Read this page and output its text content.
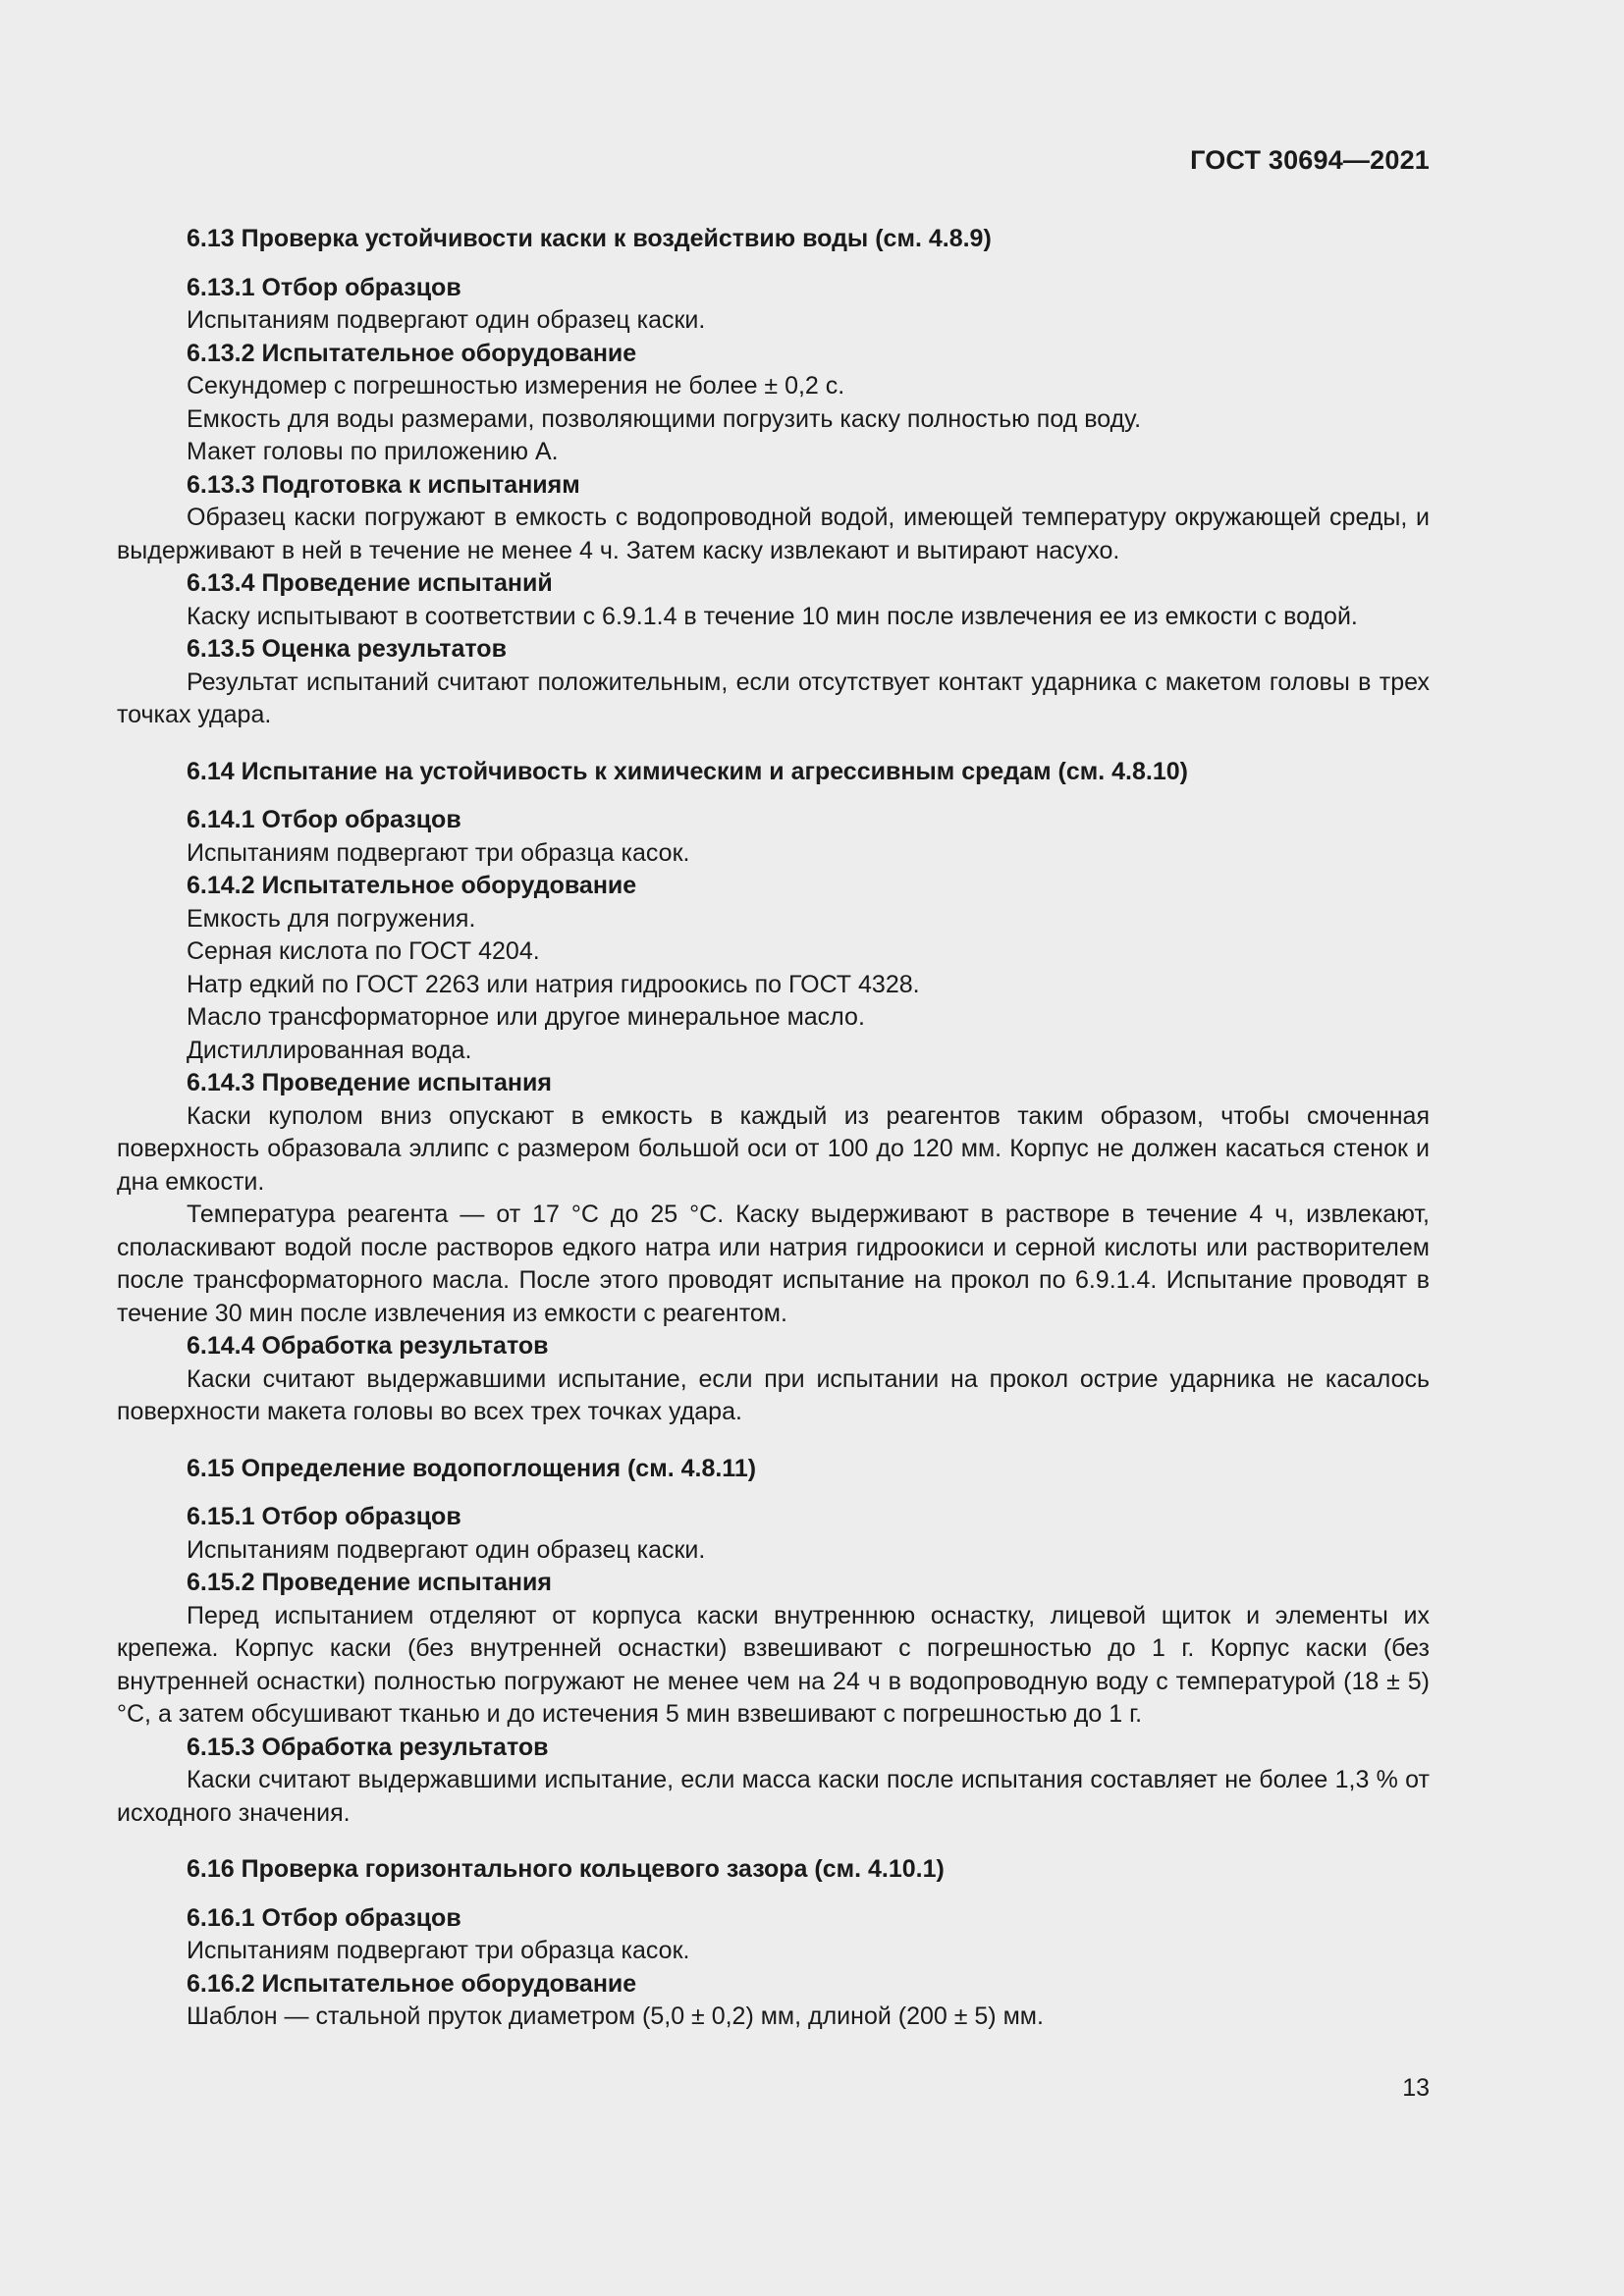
ГОСТ 30694—2021

6.13 Проверка устойчивости каски к воздействию воды (см. 4.8.9)

6.13.1 Отбор образцов

Испытаниям подвергают один образец каски.

6.13.2 Испытательное оборудование

Секундомер с погрешностью измерения не более ± 0,2 с.

Емкость для воды размерами, позволяющими погрузить каску полностью под воду.

Макет головы по приложению А.

6.13.3 Подготовка к испытаниям

Образец каски погружают в емкость с водопроводной водой, имеющей температуру окружающей среды, и выдерживают в ней в течение не менее 4 ч. Затем каску извлекают и вытирают насухо.

6.13.4 Проведение испытаний

Каску испытывают в соответствии с 6.9.1.4 в течение 10 мин после извлечения ее из емкости с водой.

6.13.5 Оценка результатов

Результат испытаний считают положительным, если отсутствует контакт ударника с макетом головы в трех точках удара.

6.14 Испытание на устойчивость к химическим и агрессивным средам (см. 4.8.10)

6.14.1 Отбор образцов

Испытаниям подвергают три образца касок.

6.14.2 Испытательное оборудование

Емкость для погружения.

Серная кислота по ГОСТ 4204.

Натр едкий по ГОСТ 2263 или натрия гидроокись по ГОСТ 4328.

Масло трансформаторное или другое минеральное масло.

Дистиллированная вода.

6.14.3 Проведение испытания

Каски куполом вниз опускают в емкость в каждый из реагентов таким образом, чтобы смоченная поверхность образовала эллипс с размером большой оси от 100 до 120 мм. Корпус не должен касаться стенок и дна емкости.

Температура реагента — от 17 °С до 25 °С. Каску выдерживают в растворе в течение 4 ч, извлекают, споласкивают водой после растворов едкого натра или натрия гидроокиси и серной кислоты или растворителем после трансформаторного масла. После этого проводят испытание на прокол по 6.9.1.4. Испытание проводят в течение 30 мин после извлечения из емкости с реагентом.

6.14.4 Обработка результатов

Каски считают выдержавшими испытание, если при испытании на прокол острие ударника не касалось поверхности макета головы во всех трех точках удара.

6.15 Определение водопоглощения (см. 4.8.11)

6.15.1 Отбор образцов

Испытаниям подвергают один образец каски.

6.15.2 Проведение испытания

Перед испытанием отделяют от корпуса каски внутреннюю оснастку, лицевой щиток и элементы их крепежа. Корпус каски (без внутренней оснастки) взвешивают с погрешностью до 1 г. Корпус каски (без внутренней оснастки) полностью погружают не менее чем на 24 ч в водопроводную воду с температурой (18 ± 5) °С, а затем обсушивают тканью и до истечения 5 мин взвешивают с погрешностью до 1 г.

6.15.3 Обработка результатов

Каски считают выдержавшими испытание, если масса каски после испытания составляет не более 1,3 % от исходного значения.

6.16 Проверка горизонтального кольцевого зазора (см. 4.10.1)

6.16.1 Отбор образцов

Испытаниям подвергают три образца касок.

6.16.2 Испытательное оборудование

Шаблон — стальной пруток диаметром (5,0 ± 0,2) мм, длиной (200 ± 5) мм.

13
